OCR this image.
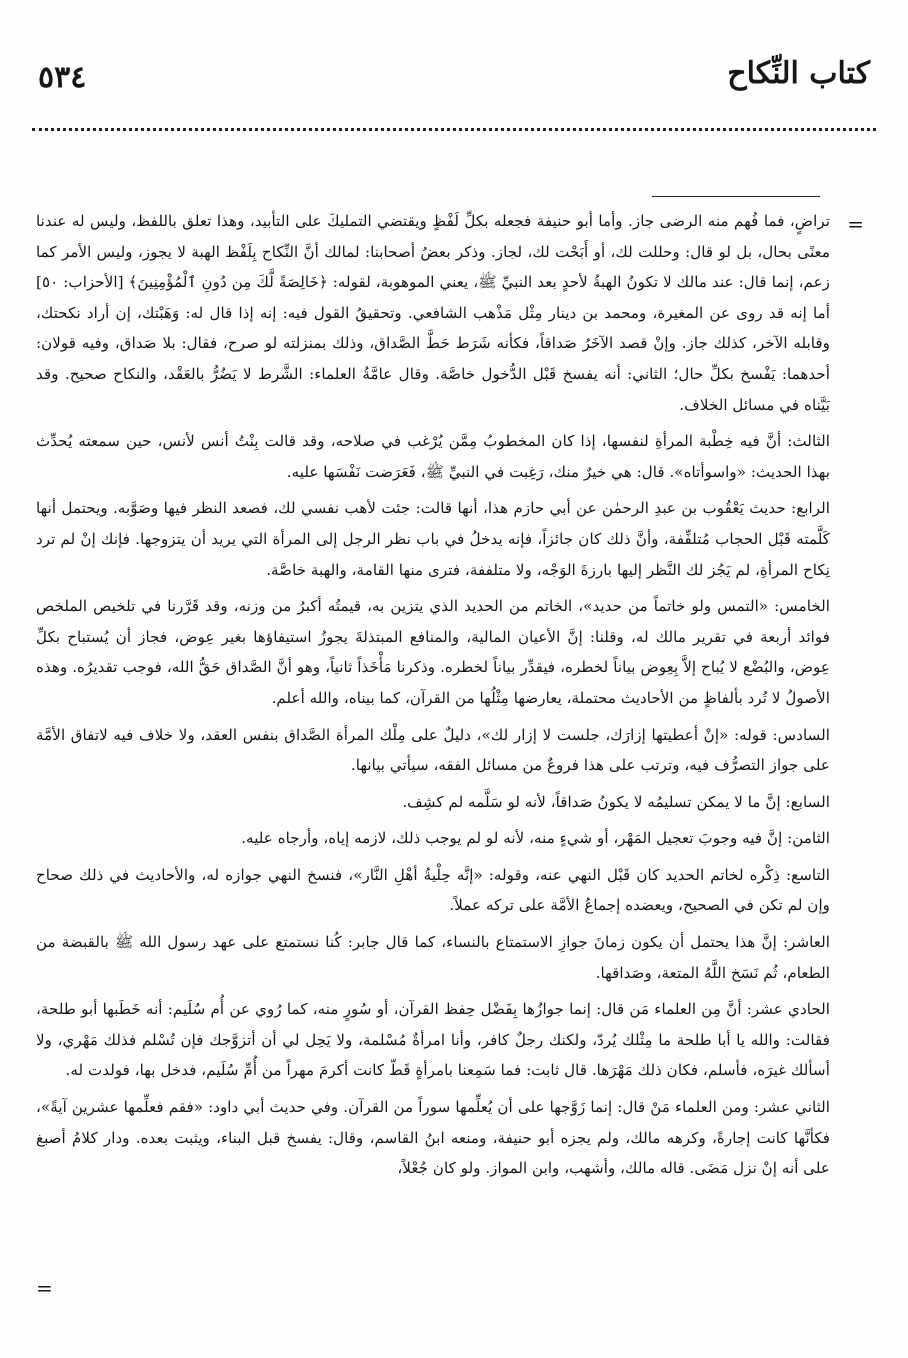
٥٣٤	كتاب النِّكاح
=

تراضٍ، فما فُهم منه الرضى جاز. وأما أبو حنيفة فجعله بكلِّ لَفْظٍ ويقتضي التمليكَ على التأبيد، وهذا تعلق باللفظ، وليس له عندنا معنًى بحال، بل لو قال: وحللت لك، أو أَبَحْت لك، لجاز. وذكر بعضُ أصحابنا: لمالك أنَّ النِّكاح بِلَفْظ الهبة لا يجوز، وليس الأمر كما زعم، إنما قال: عند مالك لا تكونُ الهبةُ لأحدٍ بعد النبيِّ ﷺ، يعني الموهوبة، لقوله: ﴿خَالِصَةً لَّكَ مِن دُونِ ٱلْمُؤْمِنِينَ﴾ [الأحزاب: ٥٠] أما إنه قد روى عن المغيرة، ومحمد بن دينار مِثْل مَذْهب الشافعي. وتحقيقُ القول فيه: إنه إذا قال له: وَهَبْتك، إن أراد نكحتك، وقابله الآخر، كذلك جاز. وإنْ قصد الآخَرُ صَداقاً، فكأنه شَرَط حَطَّ الصَّداق، وذلك بمنزلته لو صرح، فقال: بلا صَداق، وفيه قولان: أحدهما: يَفْسخ بكلِّ حال؛ الثاني: أنه يفسخ قَبْل الدُّخول خاصَّة. وقال عامَّةُ العلماء: الشَّرط لا يَضُرُّ بالعَقْد، والنكاح صحيح. وقد بَيَّناه في مسائل الخلاف.

الثالث: أنَّ فيه خِطْبة المرأةِ لنفسها، إذا كان المخطوبُ مِمَّن يُرْغب في صلاحه، وقد قالت بِنْتُ أنس لأنس، حين سمعته يُحدِّث بهذا الحديث: «واسوأتاه». قال: هي خيرٌ منك، رَغِبت في النبيِّ ﷺ، فَعَرَضت نَفْسَها عليه.

الرابع: حديث يَعْقُوب بن عبدِ الرحمٰن عن أبي حازم هذا، أنها قالت: جئت لأهب نفسي لك، فصعد النظر فيها وصَوَّبه. ويحتمل أنها كَلَّمته قَبْل الحجاب مُتلفِّفة، وأنَّ ذلك كان جائزاً، فإنه يدخلُ في باب نظر الرجل إلى المرأة التي يريد أن يتزوجها. فإنك إنْ لم ترد نِكاح المرأةِ، لم يَجُز لك النَّظر إليها بارزةَ الوَجْه، ولا متلففة، فترى منها القامة، والهبة خاصَّة.

الخامس: «التمس ولو خاتماً من حديد»، الخاتم من الحديد الذي يتزين به، قيمتُه أكبرُ من وزنه، وقد قَرَّرنا في تلخيص الملخص فوائد أربعة في تقرير مالك له، وقلنا: إنَّ الأعيان المالية، والمنافع المبتذلةَ يجوزُ استيفاؤها بغير عِوض، فجاز أن يُستباح بكلِّ عِوض، والبُضْع لا يُباح إلاَّ بِعِوض بياناً لخطره، فيقدِّر بياناً لخطره. وذكرنا مَأْخَذاً ثانياً، وهو أنَّ الصَّداق حَقُّ الله، فوجب تقديرُه. وهذه الأصولُ لا تُرد بألفاظٍ من الأحاديث محتملة، يعارضها مِثْلُها من القرآن، كما بيناه، والله أعلم.

السادس: قوله: «إنْ أعطيتها إزارَك، جلست لا إزار لك»، دليلٌ على مِلْك المرأة الصَّداق بنفس العقد، ولا خلاف فيه لاتفاق الأمَّة على جواز التصرُّف فيه، وترتب على هذا فروعٌ من مسائل الفقه، سيأتي بيانها.

السابع: إنَّ ما لا يمكن تسليمُه لا يكونُ صَداقاً، لأنه لو سَلَّمه لم كشِف.

الثامن: إنَّ فيه وجوبَ تعجيل المَهْر، أو شيءٍ منه، لأنه لو لم يوجب ذلك، لازمه إياه، وأرجاه عليه.

التاسع: ذِكْره لخاتم الحديد كان قَبْل النهي عنه، وقوله: «إنَّه حِلْيةُ أهْلِ النَّار»، فنسخ النهي جوازه له، والأحاديث في ذلك صحاح وإن لم تكن في الصحيح، ويعضده إجماعُ الأمَّة على تركه عملاً.

العاشر: إنَّ هذا يحتمل أن يكون زمانَ جوازِ الاستمتاع بالنساء، كما قال جابر: كُنا نستمتع على عهد رسول الله ﷺ بالقبضة من الطعام، ثُم نَسَخ اللَّهُ المتعة، وصَداقها.

الحادي عشر: أنَّ مِن العلماء مَن قال: إنما جوازُها بِفَضْل حِفظ القرآن، أو سُورٍ منه، كما رُوي عن أُم سُلَيم: أنه خَطَبها أبو طلحة، فقالت: والله يا أبا طلحة ما مِثْلك يُردّ، ولكنك رجلٌ كافر، وأنا امرأةٌ مُسْلمة، ولا يَحِل لي أن أتزوَّجك فإن تُسْلم فذلك مَهْري، ولا أسألك غيرَه، فأسلم، فكان ذلك مَهْرَها. قال ثابت: فما سَمِعنا بامرأةٍ قَطّ كانت أكرمَ مهراً من أُمِّ سُلَيم، فدخل بها، فولدت له.

الثاني عشر: ومن العلماء مَنْ قال: إنما زَوَّجها على أن يُعلِّمها سوراً من القرآن. وفي حديث أبي داود: «فقم فعلِّمها عشرين آيةً»، فكأنَّها كانت إجارةً، وكرهه مالك، ولم يجزه أبو حنيفة، ومنعه ابنُ القاسم، وقال: يفسخ قبل البناء، ويثبت بعده. ودار كلامُ أصبغ على أنه إنْ نزل مَضَى. قاله مالك، وأشهب، وابن المواز. ولو كان جُعْلاً،

=
